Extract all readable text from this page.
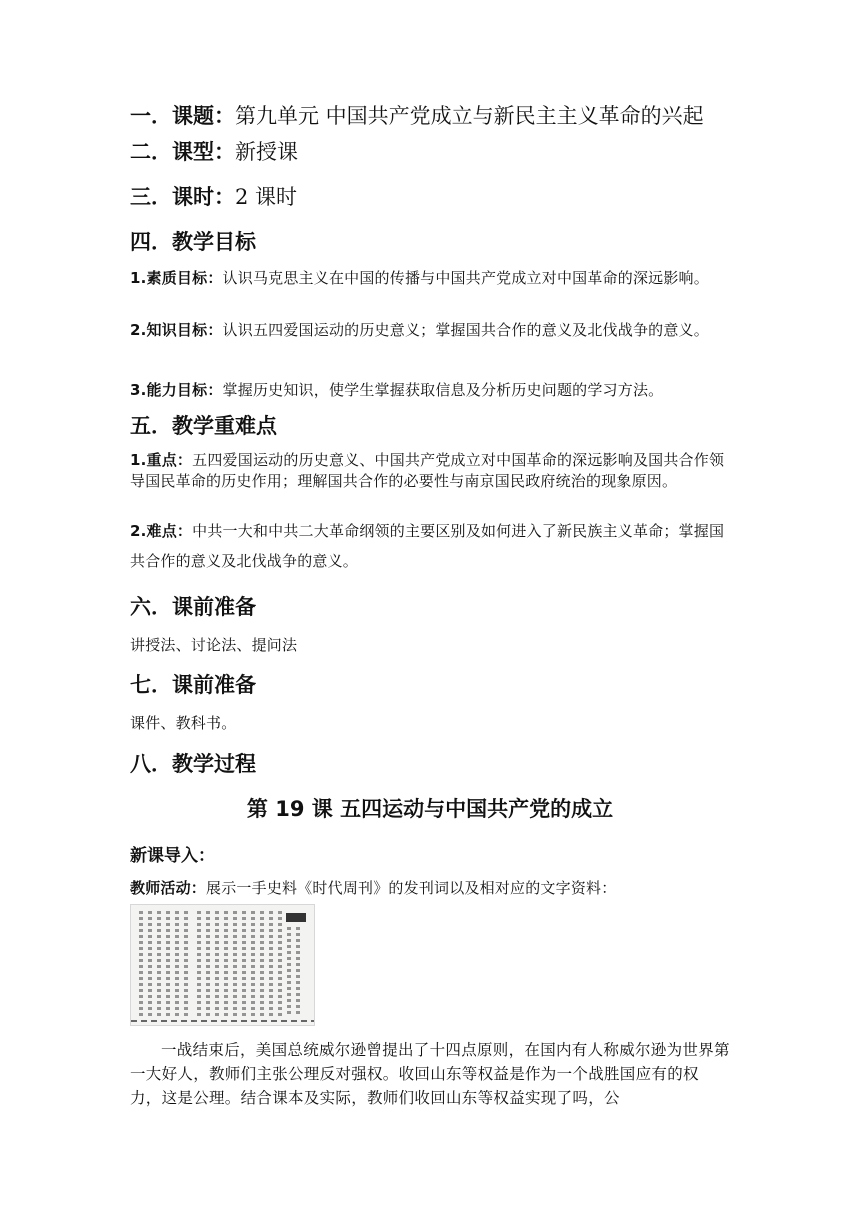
一．课题：第九单元 中国共产党成立与新民主主义革命的兴起
二．课型：新授课
三．课时：2 课时
四．教学目标
1.素质目标：认识马克思主义在中国的传播与中国共产党成立对中国革命的深远影响。
2.知识目标：认识五四爱国运动的历史意义；掌握国共合作的意义及北伐战争的意义。
3.能力目标：掌握历史知识，使学生掌握获取信息及分析历史问题的学习方法。
五．教学重难点
1.重点：五四爱国运动的历史意义、中国共产党成立对中国革命的深远影响及国共合作领导国民革命的历史作用；理解国共合作的必要性与南京国民政府统治的现象原因。
2.难点：中共一大和中共二大革命纲领的主要区别及如何进入了新民族主义革命；掌握国共合作的意义及北伐战争的意义。
六．课前准备
讲授法、讨论法、提问法
七．课前准备
课件、教科书。
八．教学过程
第 19 课 五四运动与中国共产党的成立
新课导入：
教师活动：展示一手史料《时代周刊》的发刊词以及相对应的文字资料：
一战结束后，美国总统威尔逊曾提出了十四点原则，在国内有人称威尔逊为世界第一大好人，教师们主张公理反对强权。收回山东等权益是作为一个战胜国应有的权力，这是公理。结合课本及实际，教师们收回山东等权益实现了吗，公
